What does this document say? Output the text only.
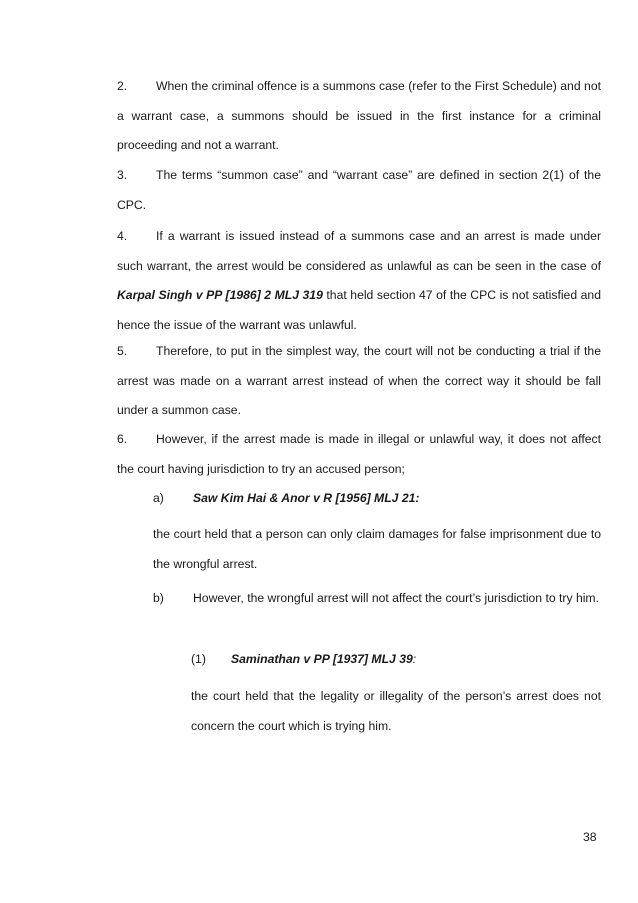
2. When the criminal offence is a summons case (refer to the First Schedule) and not a warrant case, a summons should be issued in the first instance for a criminal proceeding and not a warrant.
3. The terms “summon case” and “warrant case” are defined in section 2(1) of the CPC.
4. If a warrant is issued instead of a summons case and an arrest is made under such warrant, the arrest would be considered as unlawful as can be seen in the case of Karpal Singh v PP [1986] 2 MLJ 319 that held section 47 of the CPC is not satisfied and hence the issue of the warrant was unlawful.
5. Therefore, to put in the simplest way, the court will not be conducting a trial if the arrest was made on a warrant arrest instead of when the correct way it should be fall under a summon case.
6. However, if the arrest made is made in illegal or unlawful way, it does not affect the court having jurisdiction to try an accused person;
a) Saw Kim Hai & Anor v R [1956] MLJ 21:
the court held that a person can only claim damages for false imprisonment due to the wrongful arrest.
b) However, the wrongful arrest will not affect the court’s jurisdiction to try him.
(1) Saminathan v PP [1937] MLJ 39:
the court held that the legality or illegality of the person’s arrest does not concern the court which is trying him.
38
